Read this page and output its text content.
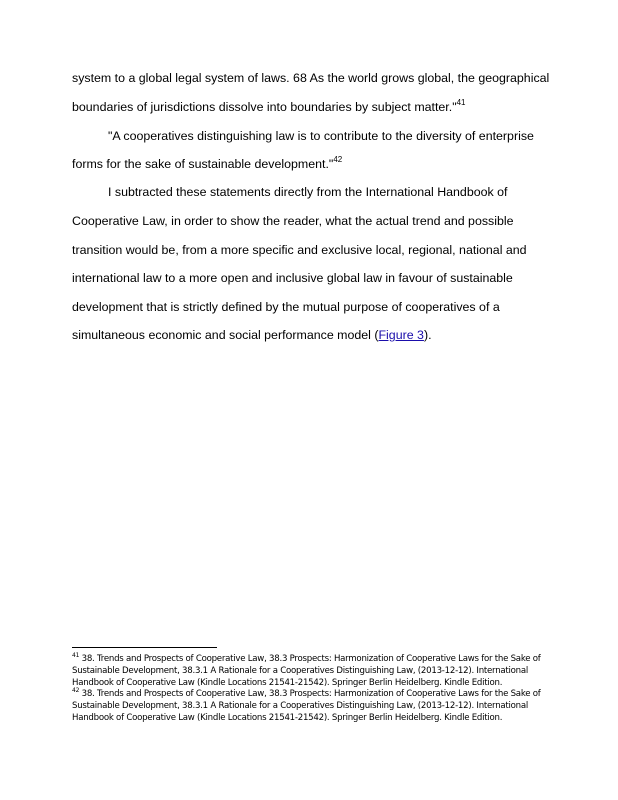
system to a global legal system of laws. 68 As the world grows global, the geographical
boundaries of jurisdictions dissolve into boundaries by subject matter."$^{41}$
"A cooperatives distinguishing law is to contribute to the diversity of enterprise
forms for the sake of sustainable development."$^{42}$
I subtracted these statements directly from the International Handbook of
Cooperative Law, in order to show the reader, what the actual trend and possible
transition would be, from a more specific and exclusive local, regional, national and
international law to a more open and inclusive global law in favour of sustainable
development that is strictly defined by the mutual purpose of cooperatives of a
simultaneous economic and social performance model (Figure 3).
$^{41}$ 38. Trends and Prospects of Cooperative Law, 38.3 Prospects: Harmonization of Cooperative Laws for the Sake of
Sustainable Development, 38.3.1 A Rationale for a Cooperatives Distinguishing Law, (2013-12-12). International
Handbook of Cooperative Law (Kindle Locations 21541-21542). Springer Berlin Heidelberg. Kindle Edition.
$^{42}$ 38. Trends and Prospects of Cooperative Law, 38.3 Prospects: Harmonization of Cooperative Laws for the Sake of
Sustainable Development, 38.3.1 A Rationale for a Cooperatives Distinguishing Law, (2013-12-12). International
Handbook of Cooperative Law (Kindle Locations 21541-21542). Springer Berlin Heidelberg. Kindle Edition.
